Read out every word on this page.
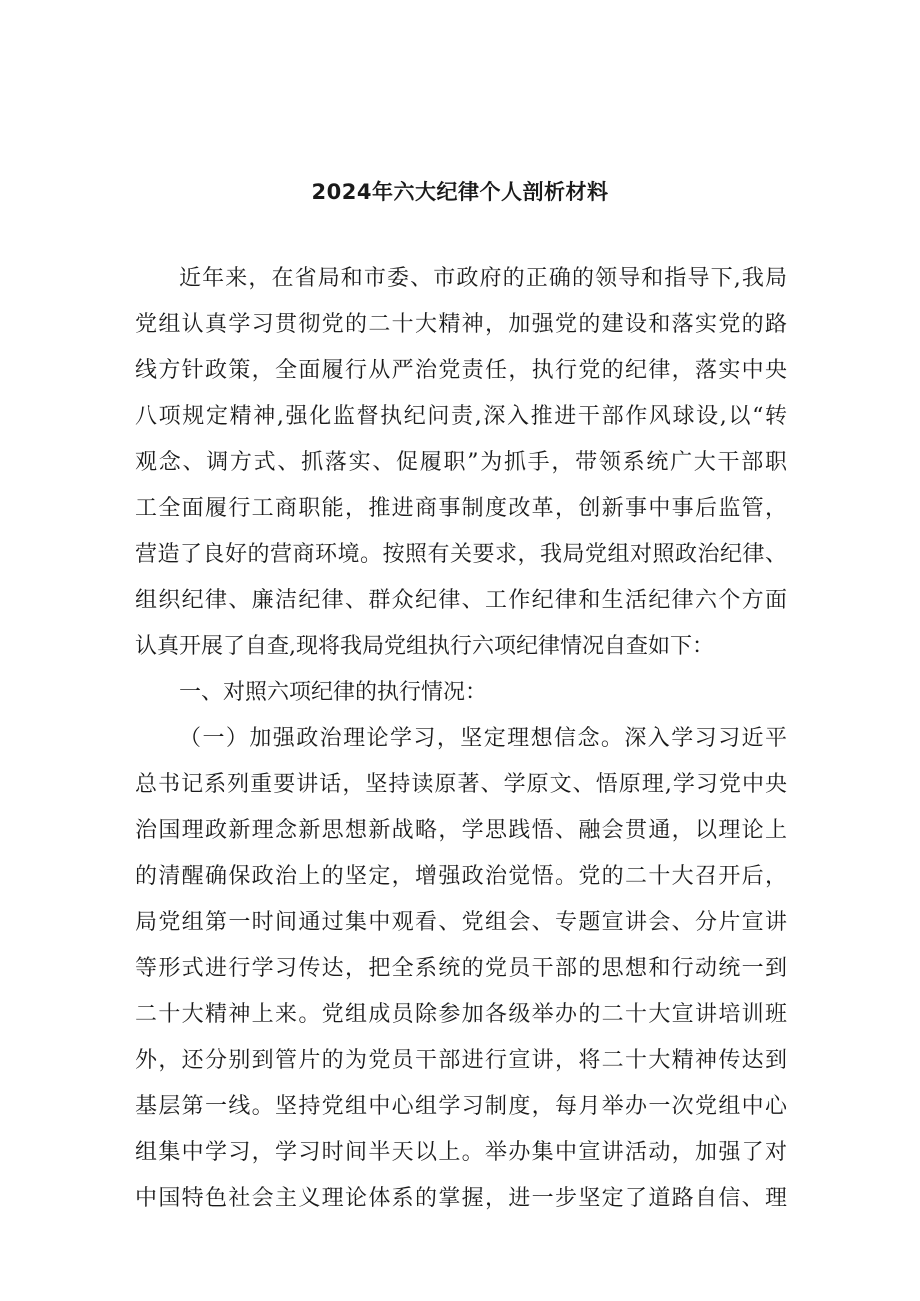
2024年六大纪律个人剖析材料
近年来，在省局和市委、市政府的正确的领导和指导下,我局
党组认真学习贯彻党的二十大精神，加强党的建设和落实党的路
线方针政策，全面履行从严治党责任，执行党的纪律，落实中央
八项规定精神,强化监督执纪问责,深入推进干部作风球设,以“转
观念、调方式、抓落实、促履职”为抓手，带领系统广大干部职
工全面履行工商职能，推进商事制度改革，创新事中事后监管，
营造了良好的营商环境。按照有关要求，我局党组对照政治纪律、
组织纪律、廉洁纪律、群众纪律、工作纪律和生活纪律六个方面
认真开展了自查,现将我局党组执行六项纪律情况自查如下：
一、对照六项纪律的执行情况：
（一）加强政治理论学习，坚定理想信念。深入学习习近平
总书记系列重要讲话，坚持读原著、学原文、悟原理,学习党中央
治国理政新理念新思想新战略，学思践悟、融会贯通，以理论上
的清醒确保政治上的坚定，增强政治觉悟。党的二十大召开后，
局党组第一时间通过集中观看、党组会、专题宣讲会、分片宣讲
等形式进行学习传达，把全系统的党员干部的思想和行动统一到
二十大精神上来。党组成员除参加各级举办的二十大宣讲培训班
外，还分别到管片的为党员干部进行宣讲，将二十大精神传达到
基层第一线。坚持党组中心组学习制度，每月举办一次党组中心
组集中学习，学习时间半天以上。举办集中宣讲活动，加强了对
中国特色社会主义理论体系的掌握，进一步坚定了道路自信、理
